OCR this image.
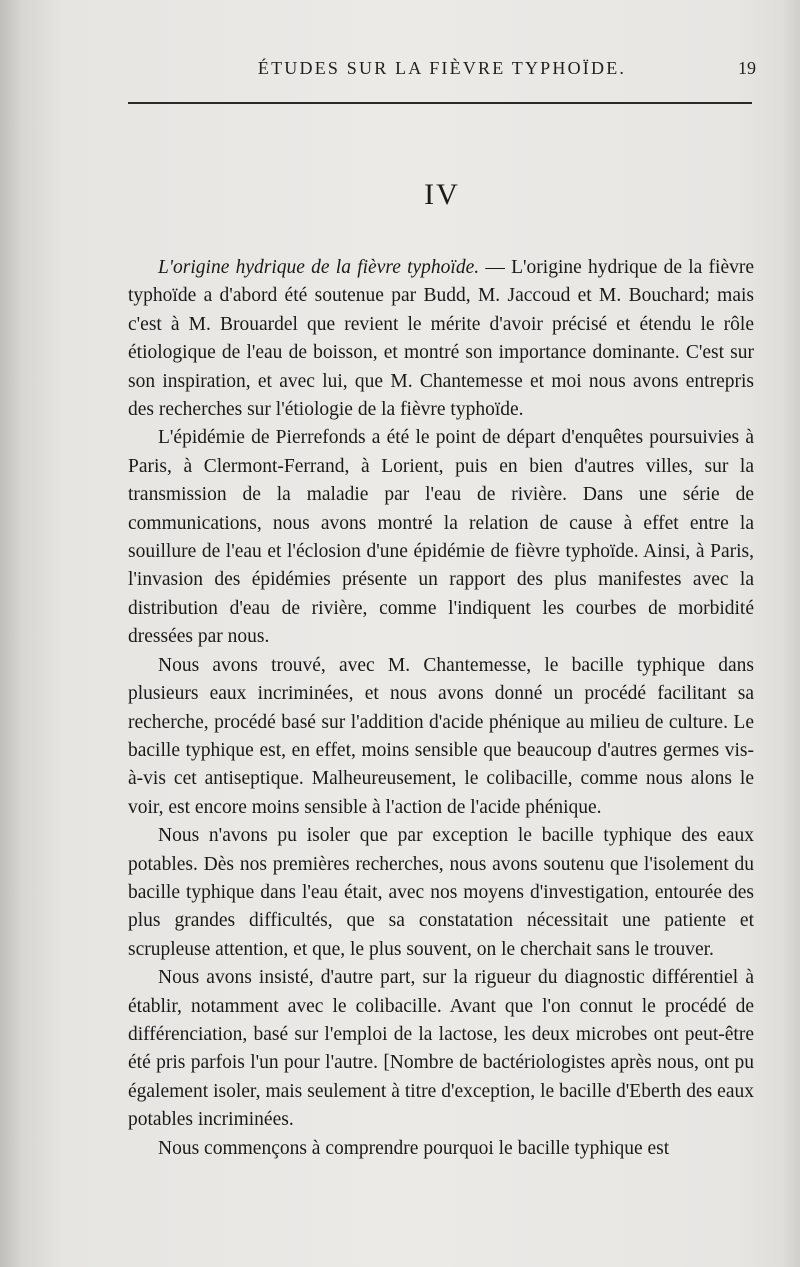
ÉTUDES SUR LA FIÈVRE TYPHOÏDE.	19
IV

L'origine hydrique de la fièvre typhoïde. — L'origine hydrique de la fièvre typhoïde a d'abord été soutenue par Budd, M. Jaccoud et M. Bouchard; mais c'est à M. Brouardel que revient le mérite d'avoir précisé et étendu le rôle étiologique de l'eau de boisson, et montré son importance dominante. C'est sur son inspiration, et avec lui, que M. Chantemesse et moi nous avons entrepris des recherches sur l'étiologie de la fièvre typhoïde.

L'épidémie de Pierrefonds a été le point de départ d'enquêtes poursuivies à Paris, à Clermont-Ferrand, à Lorient, puis en bien d'autres villes, sur la transmission de la maladie par l'eau de rivière. Dans une série de communications, nous avons montré la relation de cause à effet entre la souillure de l'eau et l'éclosion d'une épidémie de fièvre typhoïde. Ainsi, à Paris, l'invasion des épidémies présente un rapport des plus manifestes avec la distribution d'eau de rivière, comme l'indiquent les courbes de morbidité dressées par nous.

Nous avons trouvé, avec M. Chantemesse, le bacille typhique dans plusieurs eaux incriminées, et nous avons donné un procédé facilitant sa recherche, procédé basé sur l'addition d'acide phénique au milieu de culture. Le bacille typhique est, en effet, moins sensible que beaucoup d'autres germes vis-à-vis cet antiseptique. Malheureusement, le colibacille, comme nous alons le voir, est encore moins sensible à l'action de l'acide phénique.

Nous n'avons pu isoler que par exception le bacille typhique des eaux potables. Dès nos premières recherches, nous avons soutenu que l'isolement du bacille typhique dans l'eau était, avec nos moyens d'investigation, entourée des plus grandes difficultés, que sa constatation nécessitait une patiente et scrupleuse attention, et que, le plus souvent, on le cherchait sans le trouver.

Nous avons insisté, d'autre part, sur la rigueur du diagnostic différentiel à établir, notamment avec le colibacille. Avant que l'on connut le procédé de différenciation, basé sur l'emploi de la lactose, les deux microbes ont peut-être été pris parfois l'un pour l'autre. [Nombre de bactériologistes après nous, ont pu également isoler, mais seulement à titre d'exception, le bacille d'Eberth des eaux potables incriminées.

Nous commençons à comprendre pourquoi le bacille typhique est
